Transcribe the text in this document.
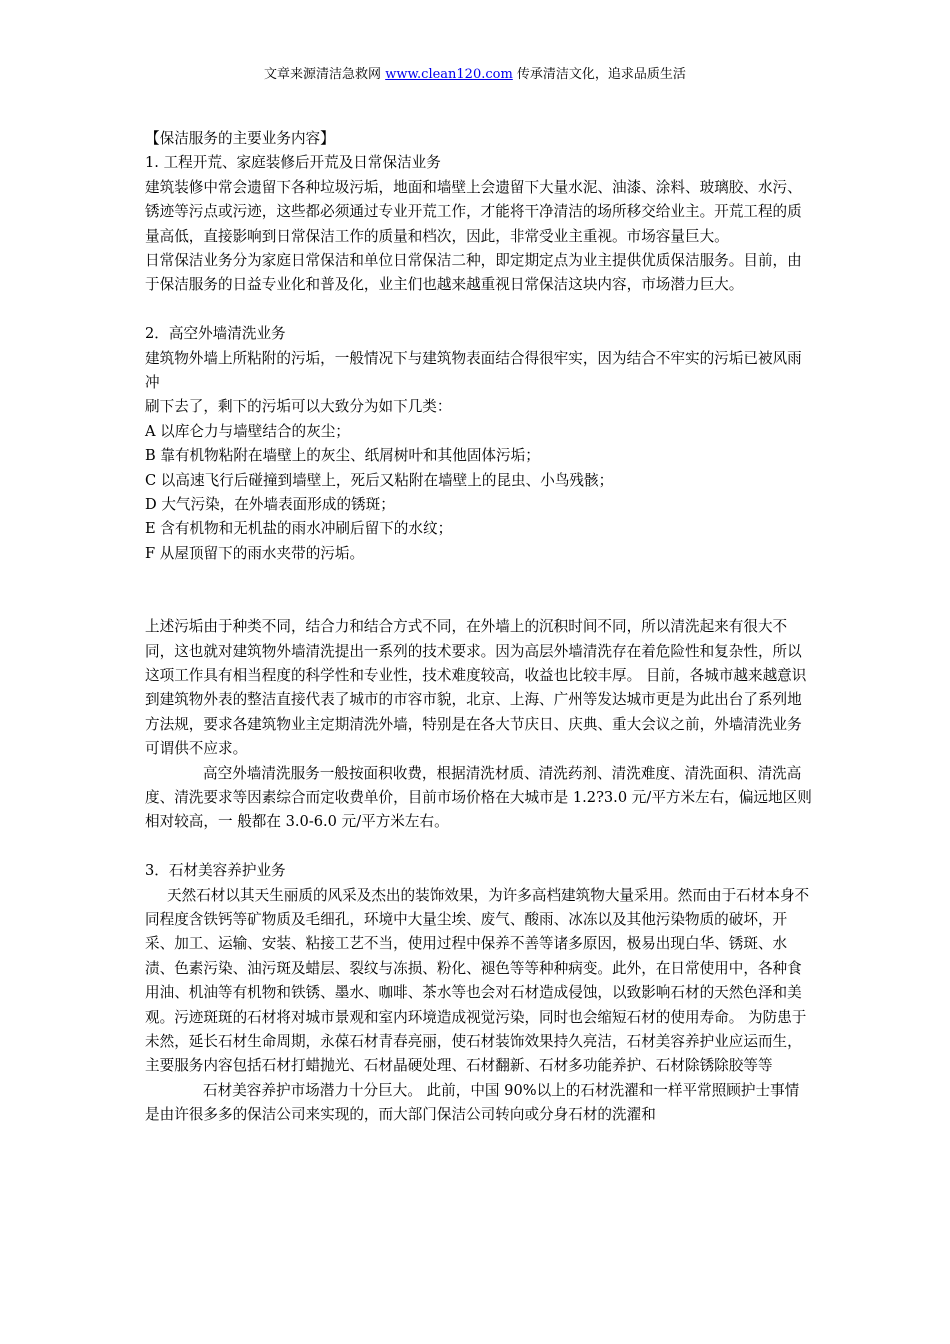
文章来源清洁急救网 www.clean120.com 传承清洁文化，追求品质生活

【保洁服务的主要业务内容】

1. 工程开荒、家庭装修后开荒及日常保洁业务

建筑装修中常会遗留下各种垃圾污垢，地面和墙壁上会遗留下大量水泥、油漆、涂料、玻璃胶、水污、锈迹等污点或污迹，这些都必须通过专业开荒工作，才能将干净清洁的场所移交给业主。开荒工程的质量高低，直接影响到日常保洁工作的质量和档次，因此，非常受业主重视。市场容量巨大。

日常保洁业务分为家庭日常保洁和单位日常保洁二种，即定期定点为业主提供优质保洁服务。目前，由于保洁服务的日益专业化和普及化，业主们也越来越重视日常保洁这块内容，市场潜力巨大。

2．高空外墙清洗业务

建筑物外墙上所粘附的污垢，一般情况下与建筑物表面结合得很牢实，因为结合不牢实的污垢已被风雨冲

刷下去了，剩下的污垢可以大致分为如下几类：

A 以库仑力与墙壁结合的灰尘；

B 靠有机物粘附在墙壁上的灰尘、纸屑树叶和其他固体污垢；

C 以高速飞行后碰撞到墙壁上，死后又粘附在墙壁上的昆虫、小鸟残骸；

D 大气污染，在外墙表面形成的锈斑；

E 含有机物和无机盐的雨水冲刷后留下的水纹；

F 从屋顶留下的雨水夹带的污垢。

上述污垢由于种类不同，结合力和结合方式不同，在外墙上的沉积时间不同，所以清洗起来有很大不同，这也就对建筑物外墙清洗提出一系列的技术要求。因为高层外墙清洗存在着危险性和复杂性，所以这项工作具有相当程度的科学性和专业性，技术难度较高，收益也比较丰厚。 目前，各城市越来越意识到建筑物外表的整洁直接代表了城市的市容市貌，北京、上海、广州等发达城市更是为此出台了系列地方法规，要求各建筑物业主定期清洗外墙，特别是在各大节庆日、庆典、重大会议之前，外墙清洗业务可谓供不应求。

高空外墙清洗服务一般按面积收费，根据清洗材质、清洗药剂、清洗难度、清洗面积、清洗高度、清洗要求等因素综合而定收费单价，目前市场价格在大城市是 1.2?3.0 元/平方米左右，偏远地区则相对较高，一 般都在 3.0-6.0 元/平方米左右。

3．石材美容养护业务

天然石材以其天生丽质的风采及杰出的装饰效果，为许多高档建筑物大量采用。然而由于石材本身不同程度含铁钙等矿物质及毛细孔，环境中大量尘埃、废气、酸雨、冰冻以及其他污染物质的破坏，开采、加工、运输、安装、粘接工艺不当，使用过程中保养不善等诸多原因，极易出现白华、锈斑、水渍、色素污染、油污斑及蜡层、裂纹与冻损、粉化、褪色等等种种病变。此外，在日常使用中，各种食用油、机油等有机物和铁锈、墨水、咖啡、茶水等也会对石材造成侵蚀，以致影响石材的天然色泽和美观。污迹斑斑的石材将对城市景观和室内环境造成视觉污染，同时也会缩短石材的使用寿命。 为防患于未然，延长石材生命周期，永葆石材青春亮丽，使石材装饰效果持久亮洁，石材美容养护业应运而生，主要服务内容包括石材打蜡抛光、石材晶硬处理、石材翻新、石材多功能养护、石材除锈除胶等等

石材美容养护市场潜力十分巨大。 此前，中国 90%以上的石材洗濯和一样平常照顾护士事情是由许很多多的保洁公司来实现的，而大部门保洁公司转向或分身石材的洗濯和
